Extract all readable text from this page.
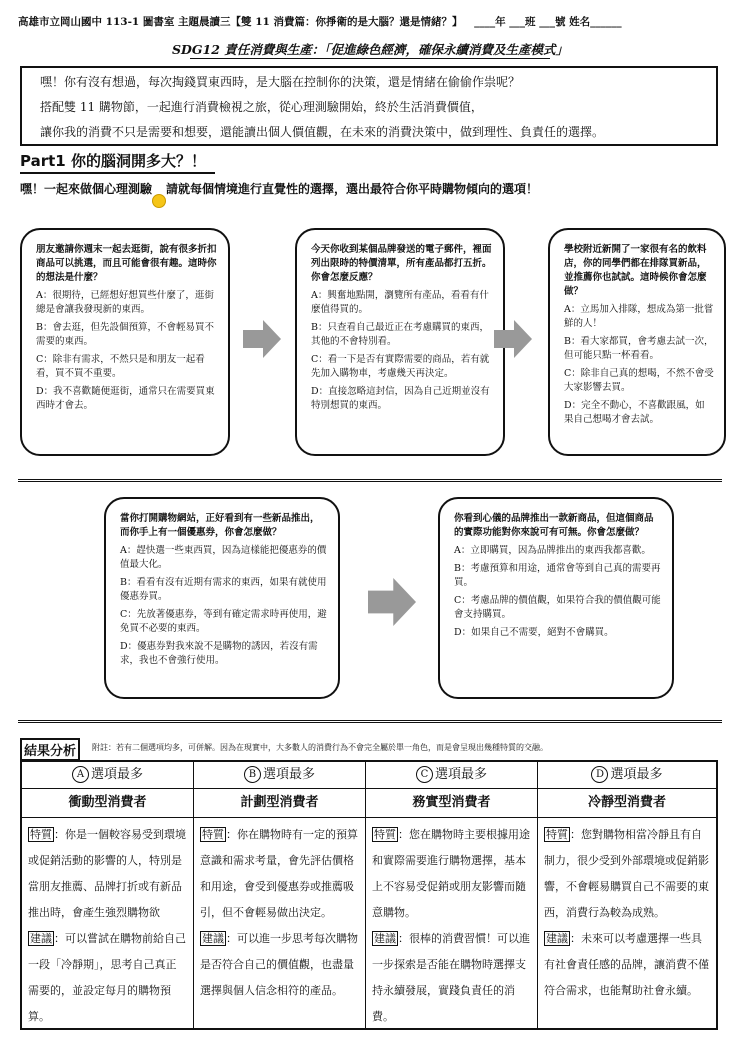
高雄市立岡山國中 113-1 圖書室 主題晨讀三【雙 11 消費篇：你掙衛的是大腦？還是情緒？】 ____年 ___班 ___號 姓名______
SDG12 責任消費與生產：「促進綠色經濟，確保永續消費及生產模式」
嘿！你有沒有想過，每次掏錢買東西時，是大腦在控制你的決策，還是情緒在偷偷作祟呢？
搭配雙 11 購物節，一起進行消費檢視之旅，從心理測驗開始，終於生活消費價值，
讓你我的消費不只是需要和想要，還能讀出個人價值觀，在未來的消費決策中，做到理性、負責任的選擇。
Part1 你的腦洞開多大？！
嘿！一起來做個心理測驗 請就每個情境進行直覺性的選擇，選出最符合你平時購物傾向的選項！
朋友邀請你週末一起去逛街，說有很多折扣商品可以挑選，而且可能會很有趣。這時你的想法是什麼？
A：很期待，已經想好想買些什麼了，逛街總是會讓我發現新的東西。
B：會去逛，但先設個預算，不會輕易買不需要的東西。
C：除非有需求，不然只是和朋友一起看看，買不買不重要。
D：我不喜歡隨便逛街，通常只在需要買東西時才會去。
今天你收到某個品牌發送的電子郵件，裡面列出限時的特價清單，所有產品都打五折。你會怎麼反應？
A：興奮地點開，瀏覽所有產品，看看有什麼值得買的。
B：只查看自己最近正在考慮購買的東西，其他的不會特別看。
C：看一下是否有實際需要的商品，若有就先加入購物車，考慮幾天再決定。
D：直接忽略這封信，因為自己近期並沒有特別想買的東西。
學校附近新開了一家很有名的飲料店，你的同學們都在排隊買新品，並推薦你也試試。這時候你會怎麼做？
A：立馬加入排隊，想成為第一批嘗鮮的人！
B：看大家都買，會考慮去試一次，但可能只點一杯看看。
C：除非自己真的想喝，不然不會受大家影響去買。
D：完全不動心，不喜歡跟風，如果自己想喝才會去試。
當你打開購物網站，正好看到有一些新品推出，而你手上有一個優惠券，你會怎麼做？
A：趕快選一些東西買，因為這樣能把優惠券的價值最大化。
B：看看有沒有近期有需求的東西，如果有就使用優惠券買。
C：先放著優惠券，等到有確定需求時再使用，避免買不必要的東西。
D：優惠券對我來說不是購物的誘因，若沒有需求，我也不會強行使用。
你看到心儀的品牌推出一款新商品，但這個商品的實際功能對你來說可有可無。你會怎麼做？
A：立即購買，因為品牌推出的東西我都喜歡。
B：考慮預算和用途，通常會等到自己真的需要再買。
C：考慮品牌的價值觀，如果符合我的價值觀可能會支持購買。
D：如果自己不需要，絕對不會購買。
結果分析	附註：若有二個選項均多，可併解。因為在現實中，大多數人的消費行為不會完全屬於單一角色，而是會呈現出幾種特質的交融。
A 選項最多
衝動型消費者
特質 ：你是一個較容易受到環境或促銷活動的影響的人，特別是當朋友推薦、品牌打折或有新品推出時，會產生強烈購物欲
建議 ：可以嘗試在購物前給自己一段「冷靜期」，思考自己真正需要的，並設定每月的購物預算。
B 選項最多
計劃型消費者
特質 ：你在購物時有一定的預算意識和需求考量，會先評估價格和用途，會受到優惠券或推薦吸引，但不會輕易做出決定。
建議 ：可以進一步思考每次購物是否符合自己的價值觀，也盡量選擇與個人信念相符的產品。
C 選項最多
務實型消費者
特質 ：您在購物時主要根據用途和實際需要進行購物選擇，基本上不容易受促銷或朋友影響而隨意購物。
建議 ：很棒的消費習慣！可以進一步探索是否能在購物時選擇支持永續發展，實踐負責任的消費。
D 選項最多
冷靜型消費者
特質 ：您對購物相當冷靜且有自制力，很少受到外部環境或促銷影響，不會輕易購買自己不需要的東西，消費行為較為成熟。
建議 ：未來可以考慮選擇一些具有社會責任感的品牌，讓消費不僅符合需求，也能幫助社會永續。
